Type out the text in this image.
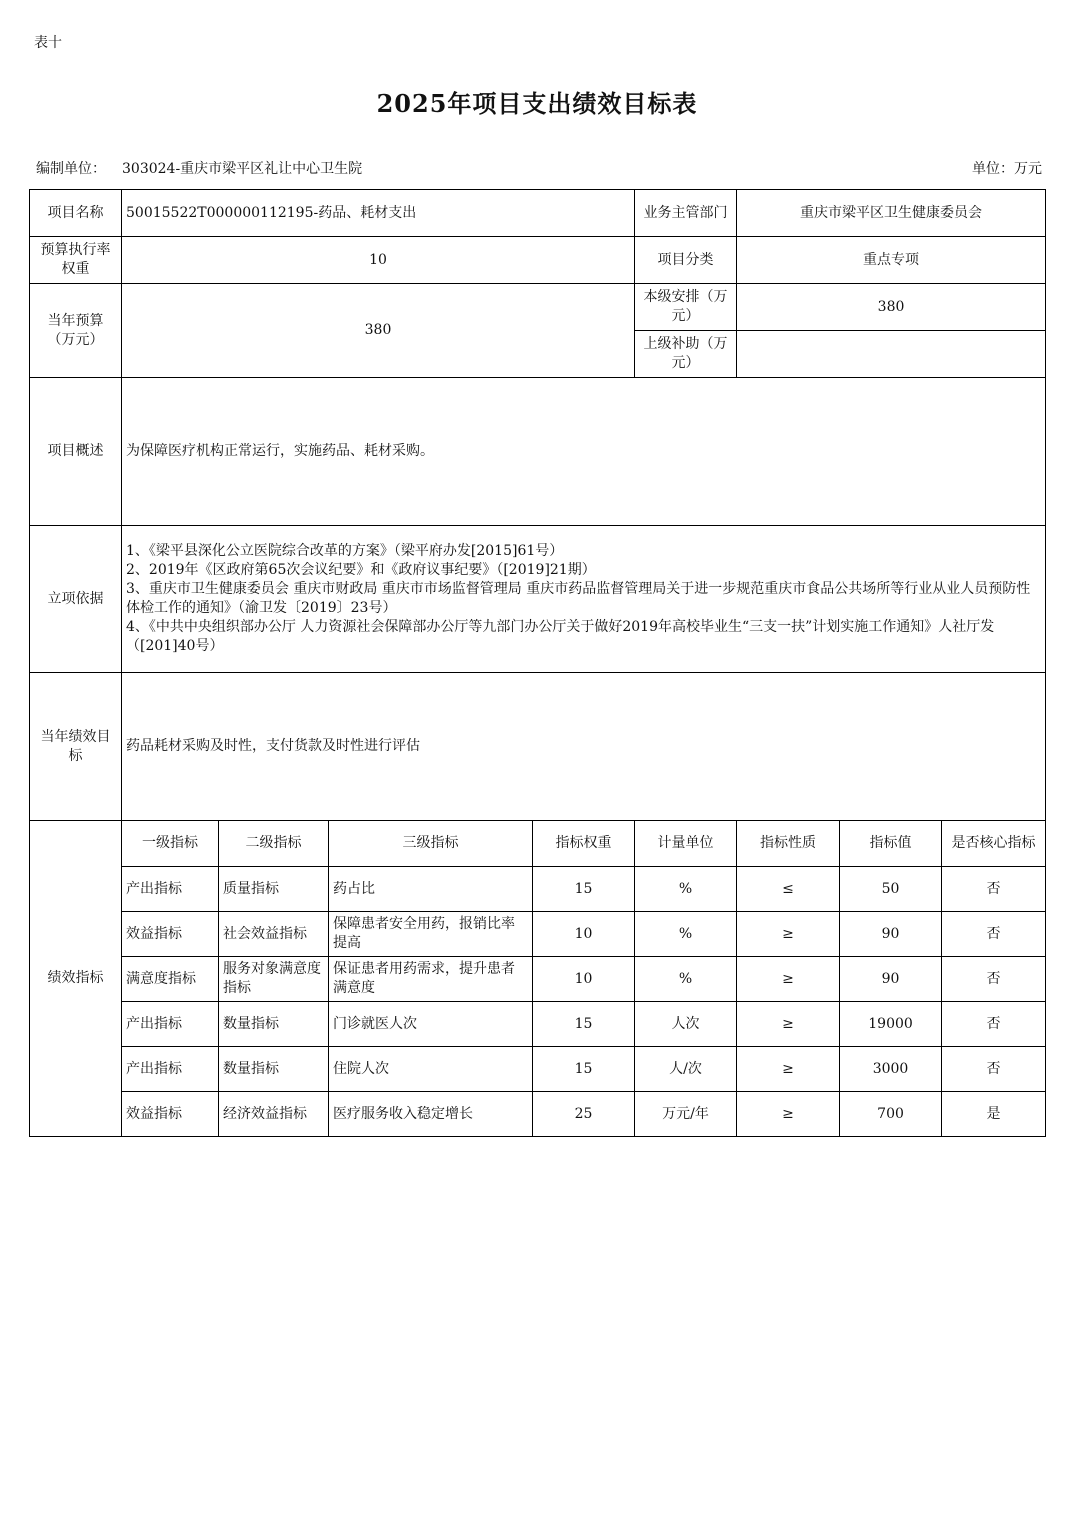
表十
2025年项目支出绩效目标表
编制单位： 303024-重庆市梁平区礼让中心卫生院	单位：万元
项目名称	50015522T000000112195-药品、耗材支出				业务主管部门	重庆市梁平区卫生健康委员会		
预算执行率权重	10				项目分类	重点专项		
当年预算（万元）	380				本级安排（万元）	380		
					上级补助（万元）			
项目概述	为保障医疗机构正常运行，实施药品、耗材采购。							
立项依据	1、《梁平县深化公立医院综合改革的方案》（梁平府办发[2015]61号）
2、2019年《区政府第65次会议纪要》和《政府议事纪要》（[2019]21期）
3、重庆市卫生健康委员会 重庆市财政局 重庆市市场监督管理局 重庆市药品监督管理局关于进一步规范重庆市食品公共场所等行业从业人员预防性体检工作的通知》（渝卫发〔2019〕23号）
4、《中共中央组织部办公厅 人力资源社会保障部办公厅等九部门办公厅关于做好2019年高校毕业生“三支一扶”计划实施工作通知》人社厅发（[201]40号）							

当年绩效目标	药品耗材采购及时性，支付货款及时性进行评估							
绩效指标	一级指标	二级指标	三级指标	指标权重	计量单位	指标性质	指标值	是否核心指标
	产出指标	质量指标	药占比	15	%	≤	50	否
	效益指标	社会效益指标	保障患者安全用药，报销比率提高	10	%	≥	90	否
	满意度指标	服务对象满意度指标	保证患者用药需求，提升患者满意度	10	%	≥	90	否
	产出指标	数量指标	门诊就医人次	15	人次	≥	19000	否
	产出指标	数量指标	住院人次	15	人/次	≥	3000	否
	效益指标	经济效益指标	医疗服务收入稳定增长	25	万元/年	≥	700	是
